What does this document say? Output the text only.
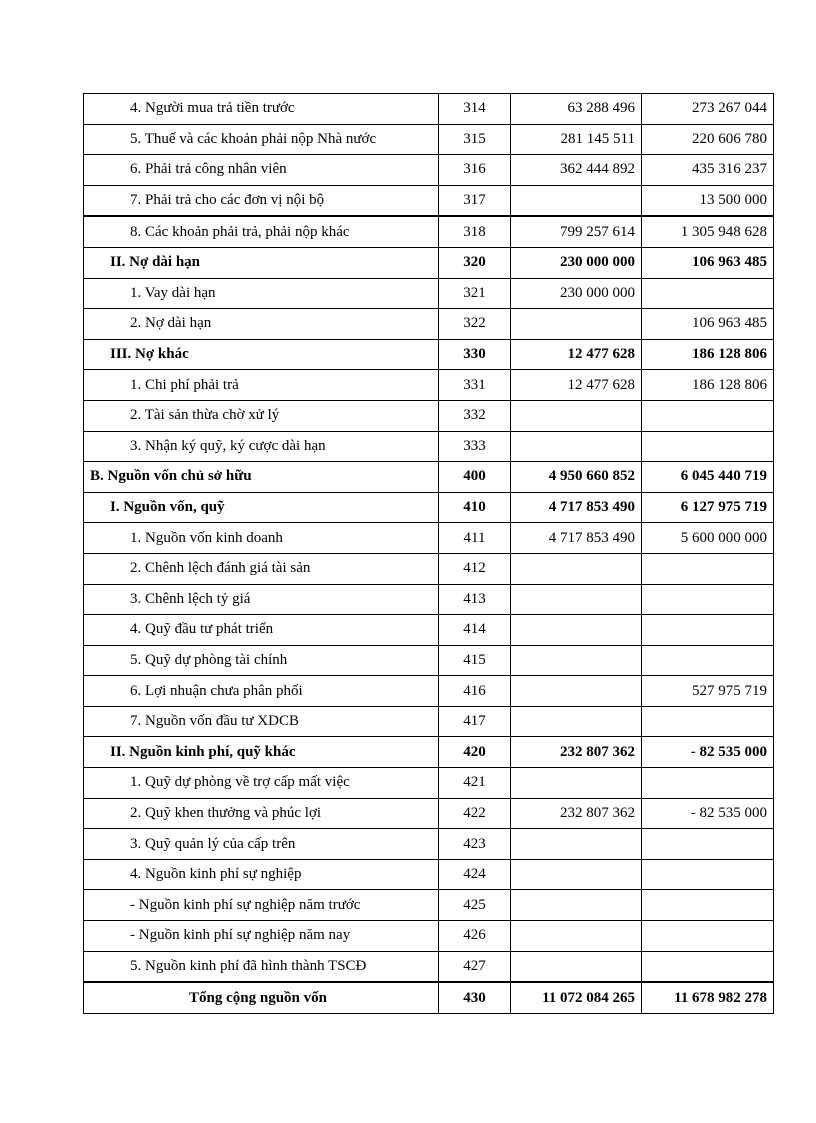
4. Người mua trả tiền trước	314	63 288 496	273 267 044
5. Thuế và các khoản phải nộp Nhà nước	315	281 145 511	220 606 780
6. Phải trả công nhân viên	316	362 444 892	435 316 237
7. Phải trả cho các đơn vị nội bộ	317		13 500 000
8. Các khoản phải trả, phải nộp khác	318	799 257 614	1 305 948 628
II. Nợ dài hạn	320	230 000 000	106 963 485
1. Vay dài hạn	321	230 000 000	
2. Nợ dài hạn	322		106 963 485
III. Nợ khác	330	12 477 628	186 128 806
1. Chi phí phải trả	331	12 477 628	186 128 806
2. Tài sản thừa chờ xử lý	332		
3. Nhận ký quỹ, ký cược dài hạn	333		
B. Nguồn vốn chủ sở hữu	400	4 950 660 852	6 045 440 719
I. Nguồn vốn, quỹ	410	4 717 853 490	6 127 975 719
1. Nguồn vốn kinh doanh	411	4 717 853 490	5 600 000 000
2. Chênh lệch đánh giá tài sản	412		
3. Chênh lệch tỷ giá	413		
4. Quỹ đầu tư phát triển	414		
5. Quỹ dự phòng tài chính	415		
6. Lợi nhuận chưa phân phối	416		527 975 719
7. Nguồn vốn đầu tư XDCB	417		
II. Nguồn kinh phí, quỹ khác	420	232 807 362	- 82 535 000
1. Quỹ dự phòng về trợ cấp mất việc	421		
2. Quỹ khen thưởng và phúc lợi	422	232 807 362	- 82 535 000
3. Quỹ quản lý của cấp trên	423		
4. Nguồn kinh phí sự nghiệp	424		
- Nguồn kinh phí sự nghiệp năm trước	425		
- Nguồn kinh phí sự nghiệp năm nay	426		
5. Nguồn kinh phí đã hình thành TSCĐ	427		
Tổng cộng nguồn vốn	430	11 072 084 265	11 678 982 278
